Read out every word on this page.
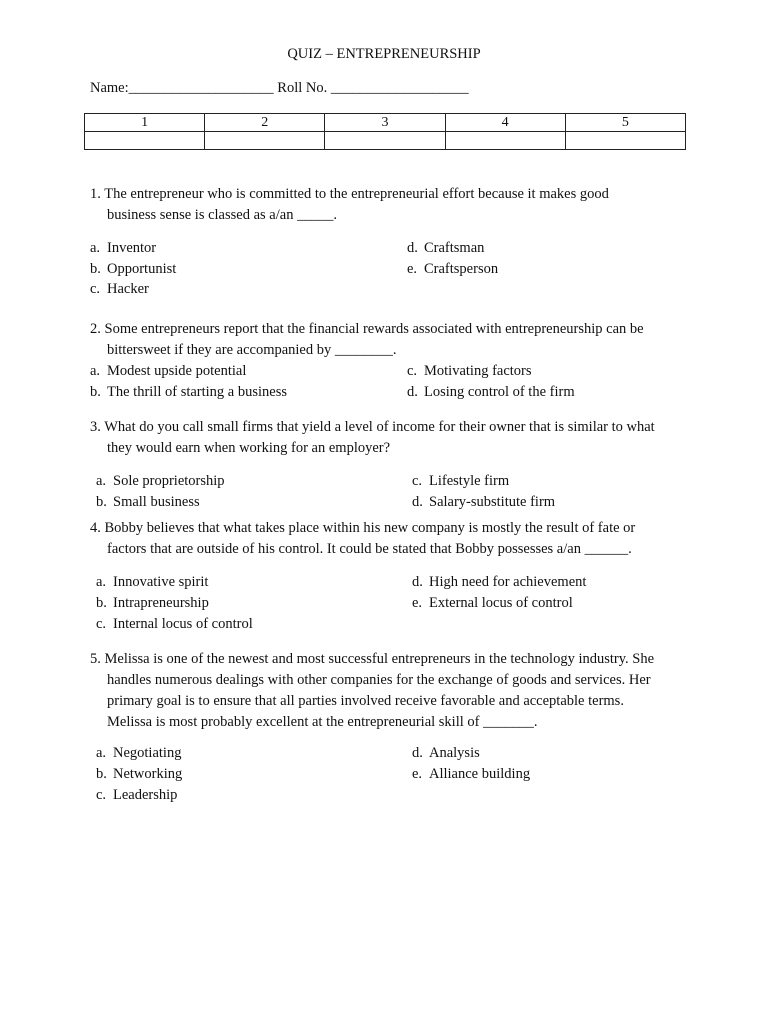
QUIZ – ENTREPRENEURSHIP
Name:____________________ Roll No. ___________________
1	2	3	4	5

1. The entrepreneur who is committed to the entrepreneurial effort because it makes good
business sense is classed as a/an _____.
a. Inventor
b. Opportunist
c. Hacker
d. Craftsman
e. Craftsperson
2. Some entrepreneurs report that the financial rewards associated with entrepreneurship can be
bittersweet if they are accompanied by ________.
a. Modest upside potential
b. The thrill of starting a business
c. Motivating factors
d. Losing control of the firm
3. What do you call small firms that yield a level of income for their owner that is similar to what
they would earn when working for an employer?
a. Sole proprietorship
b. Small business
c. Lifestyle firm
d. Salary-substitute firm
4. Bobby believes that what takes place within his new company is mostly the result of fate or
factors that are outside of his control. It could be stated that Bobby possesses a/an ______.
a. Innovative spirit
b. Intrapreneurship
c. Internal locus of control
d. High need for achievement
e. External locus of control
5. Melissa is one of the newest and most successful entrepreneurs in the technology industry. She
handles numerous dealings with other companies for the exchange of goods and services. Her
primary goal is to ensure that all parties involved receive favorable and acceptable terms.
Melissa is most probably excellent at the entrepreneurial skill of _______.
a. Negotiating
b. Networking
c. Leadership
d. Analysis
e. Alliance building
